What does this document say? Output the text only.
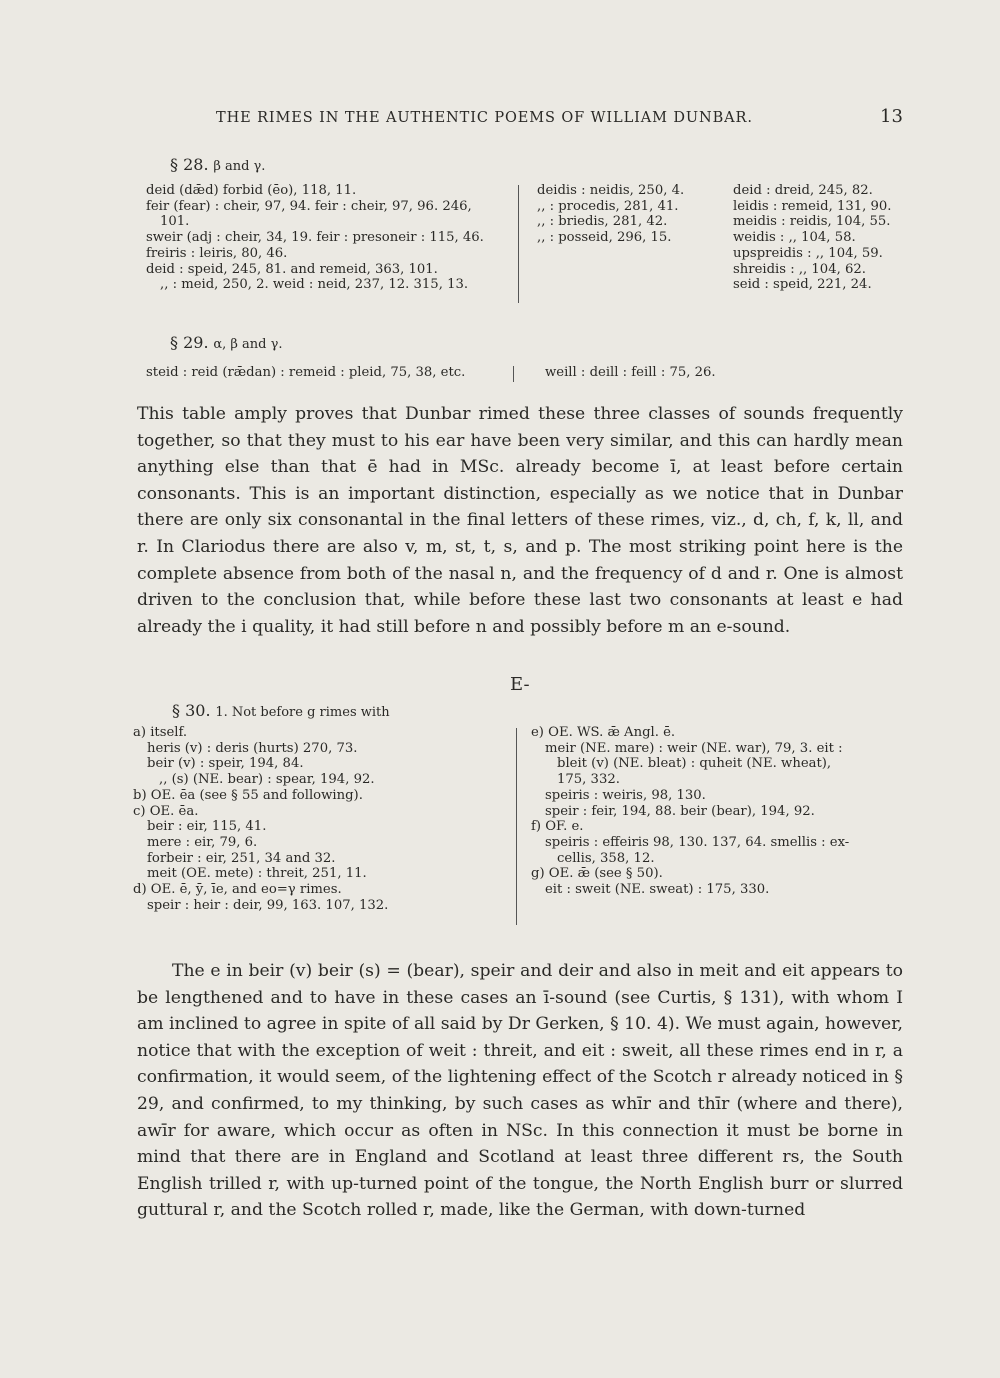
THE RIMES IN THE AUTHENTIC POEMS OF WILLIAM DUNBAR.	13
§ 28. β and γ.
deid (dǣd) forbid (ēo), 118, 11.
feir (fear) : cheir, 97, 94. feir : cheir, 97, 96. 246,
101.
sweir (adj : cheir, 34, 19. feir : presoneir : 115, 46.
freiris : leiris, 80, 46.
deid : speid, 245, 81. and remeid, 363, 101.
,, : meid, 250, 2. weid : neid, 237, 12. 315, 13.
deidis : neidis, 250, 4.
,, : procedis, 281, 41.
,, : briedis, 281, 42.
,, : posseid, 296, 15.
deid : dreid, 245, 82.
leidis : remeid, 131, 90.
meidis : reidis, 104, 55.
weidis : ,, 104, 58.
upspreidis : ,, 104, 59.
shreidis : ,, 104, 62.
seid : speid, 221, 24.
§ 29. α, β and γ.
steid : reid (rǣdan) : remeid : pleid, 75, 38, etc.	weill : deill : feill : 75, 26.

This table amply proves that Dunbar rimed these three classes of sounds frequently together, so that they must to his ear have been very similar, and this can hardly mean anything else than that ē had in MSc. already become ī, at least before certain consonants. This is an important distinction, especially as we notice that in Dunbar there are only six consonantal in the final letters of these rimes, viz., d, ch, f, k, ll, and r. In Clariodus there are also v, m, st, t, s, and p. The most striking point here is the complete absence from both of the nasal n, and the frequency of d and r. One is almost driven to the conclusion that, while before these last two consonants at least e had already the i quality, it had still before n and possibly before m an e-sound.

E-
§ 30. 1. Not before g rimes with
a) itself.
heris (v) : deris (hurts) 270, 73.
beir (v) : speir, 194, 84.
,, (s) (NE. bear) : spear, 194, 92.
b) OE. ēa (see § 55 and following).
c) OE. ēa.
beir : eir, 115, 41.
mere : eir, 79, 6.
forbeir : eir, 251, 34 and 32.
meit (OE. mete) : threit, 251, 11.
d) OE. ē, ȳ, īe, and eo=γ rimes.
speir : heir : deir, 99, 163. 107, 132.
e) OE. WS. ǣ Angl. ē.
meir (NE. mare) : weir (NE. war), 79, 3. eit :
bleit (v) (NE. bleat) : quheit (NE. wheat),
175, 332.
speiris : weiris, 98, 130.
speir : feir, 194, 88. beir (bear), 194, 92.
f) OF. e.
speiris : effeiris 98, 130. 137, 64. smellis : ex-
cellis, 358, 12.
g) OE. ǣ (see § 50).
eit : sweit (NE. sweat) : 175, 330.

The e in beir (v) beir (s) = (bear), speir and deir and also in meit and eit appears to be lengthened and to have in these cases an ī-sound (see Curtis, § 131), with whom I am inclined to agree in spite of all said by Dr Gerken, § 10. 4). We must again, however, notice that with the exception of weit : threit, and eit : sweit, all these rimes end in r, a confirmation, it would seem, of the lightening effect of the Scotch r already noticed in § 29, and confirmed, to my thinking, by such cases as whīr and thīr (where and there), awīr for aware, which occur as often in NSc. In this connection it must be borne in mind that there are in England and Scotland at least three different rs, the South English trilled r, with up-turned point of the tongue, the North English burr or slurred guttural r, and the Scotch rolled r, made, like the German, with down-turned
